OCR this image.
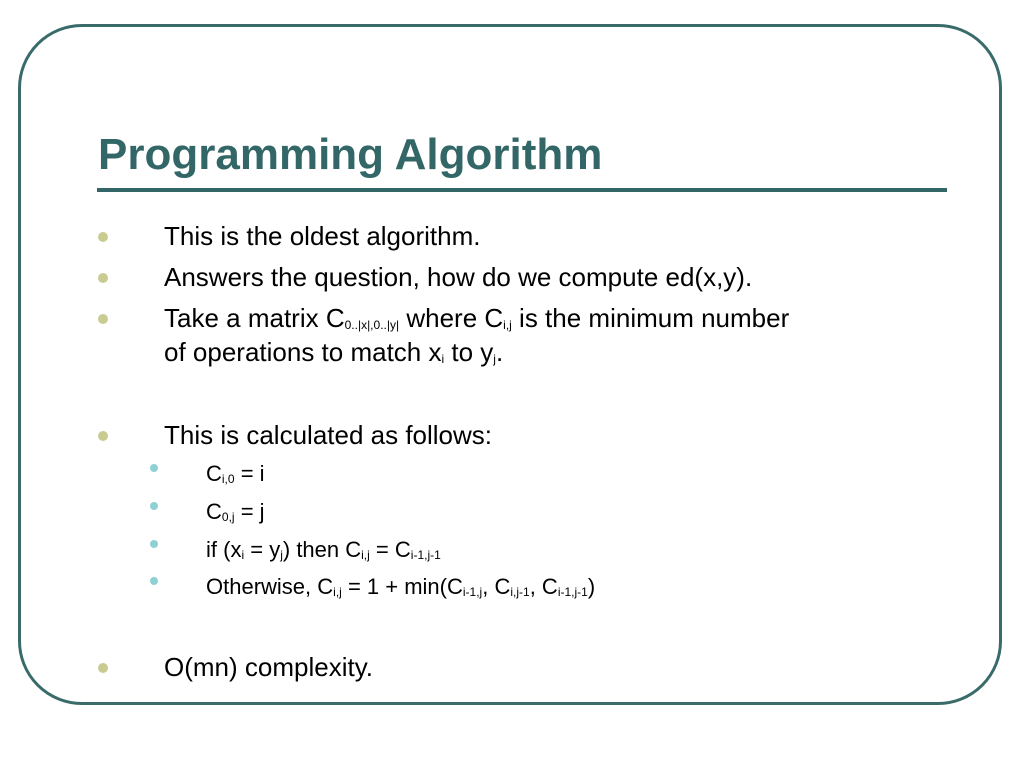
Programming Algorithm
This is the oldest algorithm.
Answers the question, how do we compute ed(x,y).
Take a matrix $C_{0..|x|,0..|y|}$ where $C_{i,j}$ is the minimum number
of operations to match $x_i$ to $y_j$.
This is calculated as follows:
$C_{i,0} = i$
$C_{0,j} = j$
if $(x_i = y_j)$ then $C_{i,j} = C_{i-1,j-1}$
Otherwise, $C_{i,j} = 1 + \min(C_{i-1,j}$, $C_{i,j-1}$, $C_{i-1,j-1}$)
O(mn) complexity.
